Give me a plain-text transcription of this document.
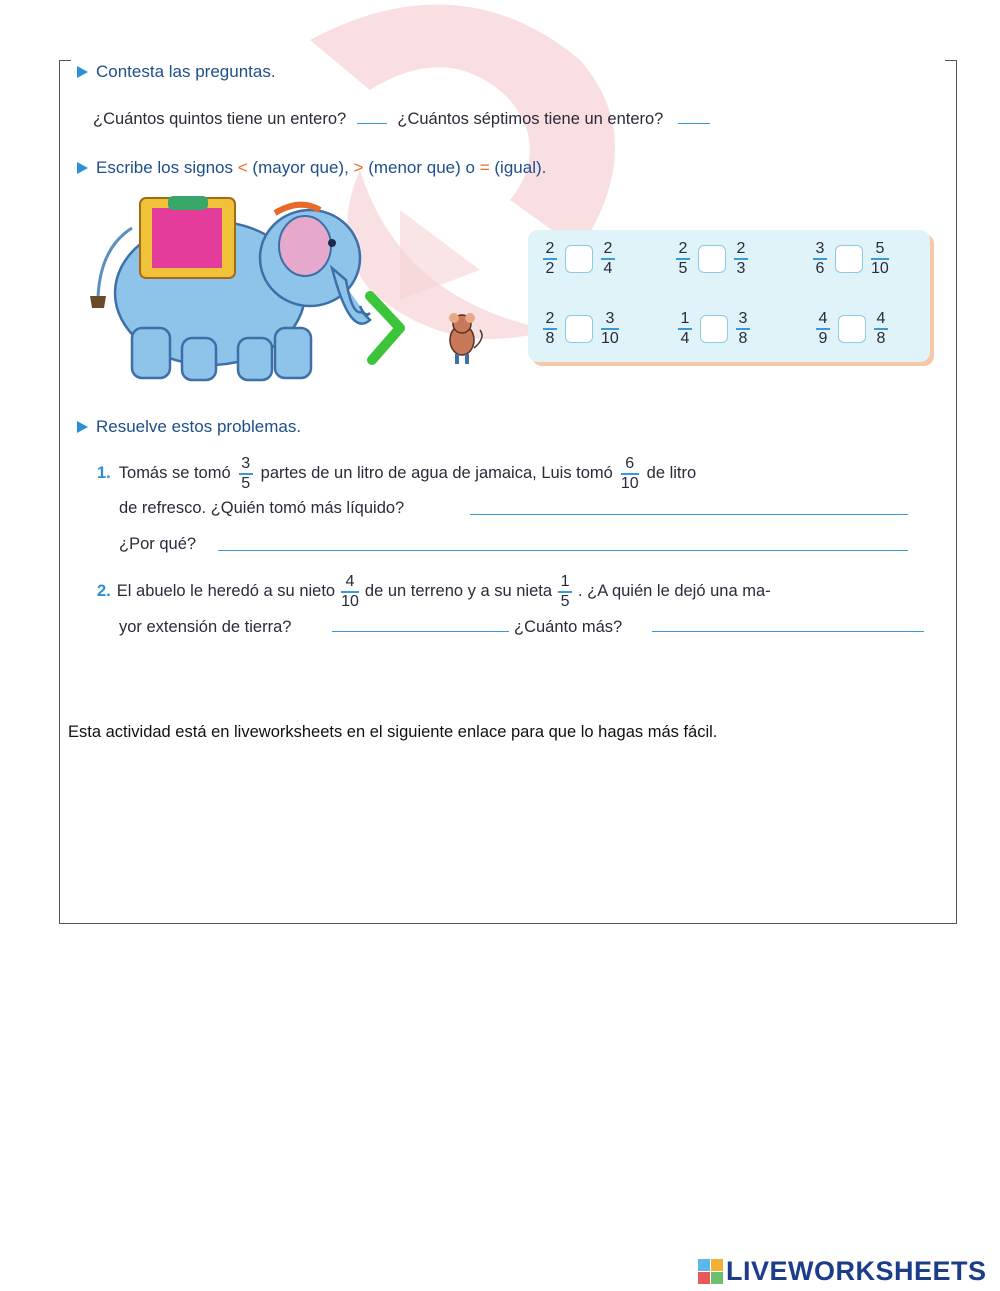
Contesta las preguntas.
¿Cuántos quintos tiene un entero?	¿Cuántos séptimos tiene un entero?
Escribe los signos
<
(mayor que),
>
(menor que) o
=
(igual).
$\frac{2}{2}$	$\frac{2}{4}$	$\frac{2}{5}$	$\frac{2}{3}$	$\frac{3}{6}$	$\frac{5}{10}$
$\frac{2}{8}$	$\frac{3}{10}$	$\frac{1}{4}$	$\frac{3}{8}$	$\frac{4}{9}$	$\frac{4}{8}$
Resuelve estos problemas.
1. Tomás se tomó $\frac{3}{5}$ partes de un litro de agua de jamaica, Luis tomó $\frac{6}{10}$ de litro
de refresco. ¿Quién tomó más líquido?
¿Por qué?
2. El abuelo le heredó a su nieto $\frac{4}{10}$ de un terreno y a su nieta $\frac{1}{5}$ . ¿A quién le dejó una ma-
yor extensión de tierra?	¿Cuánto más?
Esta actividad está en liveworksheets en el siguiente enlace para que lo hagas más fácil.
LIVEWORKSHEETS
